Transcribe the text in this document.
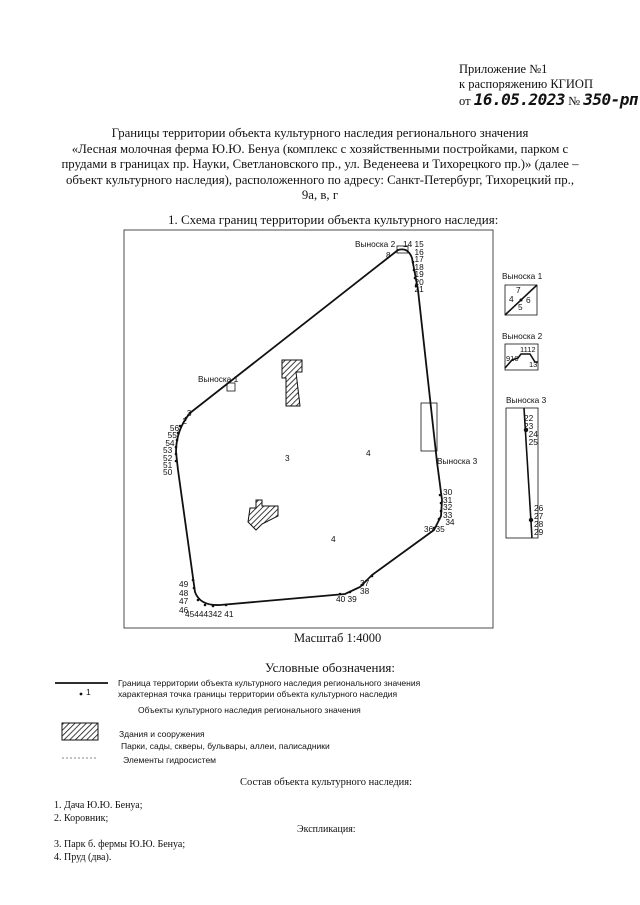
Приложение №1
к распоряжению КГИОП
от 16.05.2023 № 350-рп
Границы территории объекта культурного наследия регионального значения
«Лесная молочная ферма Ю.Ю. Бенуа (комплекс с хозяйственными постройками, парком с
прудами в границах пр. Науки, Светлановского пр., ул. Веденеева и Тихорецкого пр.)» (далее –
объект культурного наследия), расположенного по адресу: Санкт-Петербург, Тихорецкий пр.,
9а, в, г
1. Схема границ территории объекта культурного наследия:
Выноска 2
8
14 15
16
17
18
19
20
21
Выноска 1
Выноска 3
3
2
56
55
54
53
52
51
50
30
31
32
33
34
36 35
37
38
40 39
45444342 41
49
48
47
46
3	4
4
Выноска 1
7
4 6
5
Выноска 2
910
1112
13
Выноска 3
22
23
24
25
26
27
28
29
Масштаб 1:4000
Условные обозначения:
Граница территории объекта культурного наследия регионального значения
1	характерная точка границы территории объекта культурного наследия
Объекты культурного наследия регионального значения
Здания и сооружения
Парки, сады, скверы, бульвары, аллеи, палисадники
Элементы гидросистем
Состав объекта культурного наследия:
1. Дача Ю.Ю. Бенуа;
2. Коровник;
Экспликация:
3. Парк б. фермы Ю.Ю. Бенуа;
4. Пруд (два).
